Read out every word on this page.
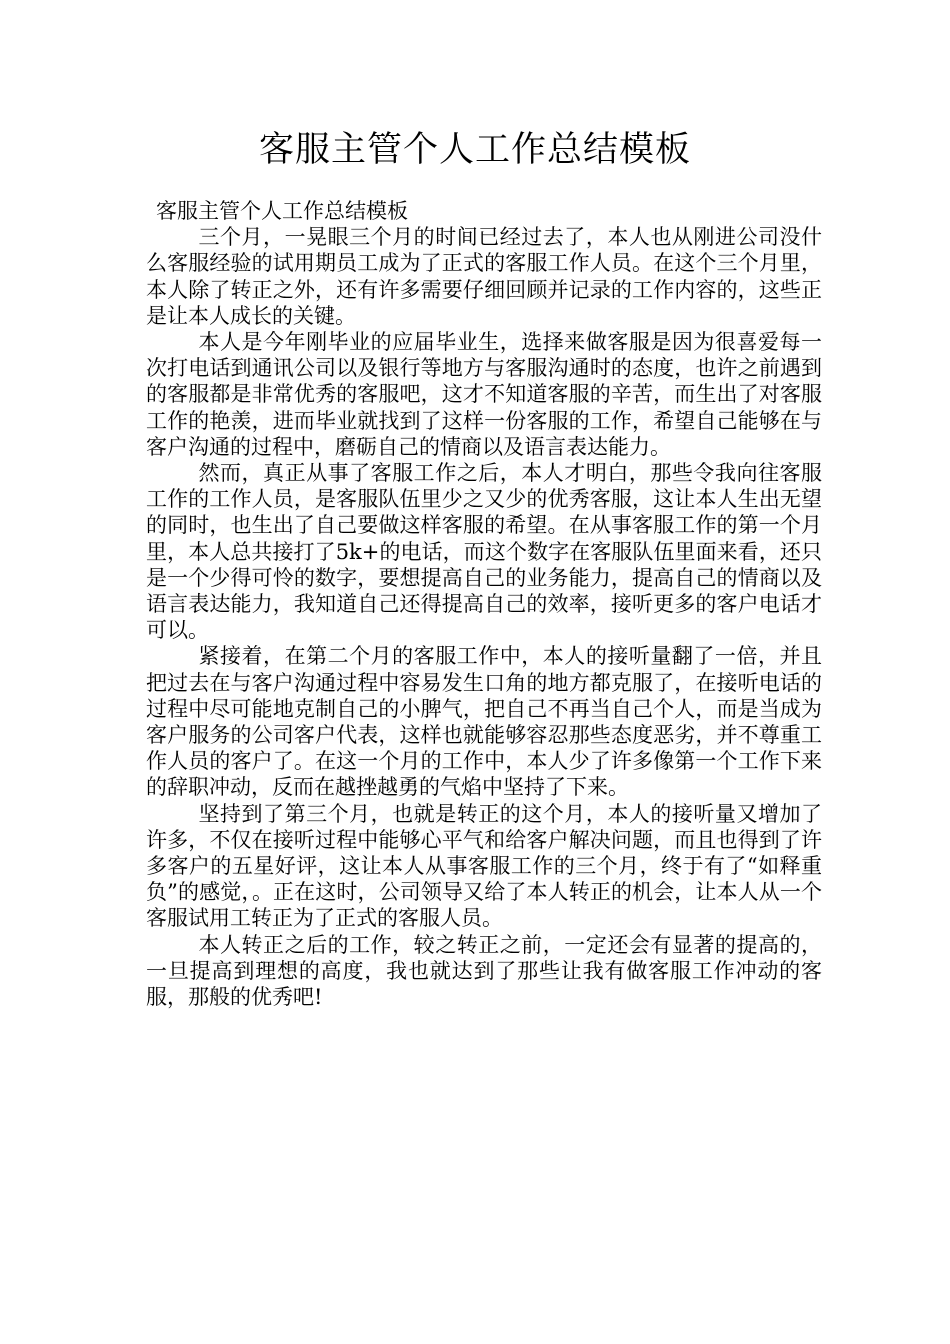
客服主管个人工作总结模板

客服主管个人工作总结模板

三个月，一晃眼三个月的时间已经过去了，本人也从刚进公司没什么客服经验的试用期员工成为了正式的客服工作人员。在这个三个月里，本人除了转正之外，还有许多需要仔细回顾并记录的工作内容的，这些正是让本人成长的关键。

本人是今年刚毕业的应届毕业生，选择来做客服是因为很喜爱每一次打电话到通讯公司以及银行等地方与客服沟通时的态度，也许之前遇到的客服都是非常优秀的客服吧，这才不知道客服的辛苦，而生出了对客服工作的艳羡，进而毕业就找到了这样一份客服的工作，希望自己能够在与客户沟通的过程中，磨砺自己的情商以及语言表达能力。

然而，真正从事了客服工作之后，本人才明白，那些令我向往客服工作的工作人员，是客服队伍里少之又少的优秀客服，这让本人生出无望的同时，也生出了自己要做这样客服的希望。在从事客服工作的第一个月里，本人总共接打了5k+的电话，而这个数字在客服队伍里面来看，还只是一个少得可怜的数字，要想提高自己的业务能力，提高自己的情商以及语言表达能力，我知道自己还得提高自己的效率，接听更多的客户电话才可以。

紧接着，在第二个月的客服工作中，本人的接听量翻了一倍，并且把过去在与客户沟通过程中容易发生口角的地方都克服了，在接听电话的过程中尽可能地克制自己的小脾气，把自己不再当自己个人，而是当成为客户服务的公司客户代表，这样也就能够容忍那些态度恶劣，并不尊重工作人员的客户了。在这一个月的工作中，本人少了许多像第一个工作下来的辞职冲动，反而在越挫越勇的气焰中坚持了下来。

坚持到了第三个月，也就是转正的这个月，本人的接听量又增加了许多，不仅在接听过程中能够心平气和给客户解决问题，而且也得到了许多客户的五星好评，这让本人从事客服工作的三个月，终于有了“如释重负”的感觉，。正在这时，公司领导又给了本人转正的机会，让本人从一个客服试用工转正为了正式的客服人员。

本人转正之后的工作，较之转正之前，一定还会有显著的提高的，一旦提高到理想的高度，我也就达到了那些让我有做客服工作冲动的客服，那般的优秀吧!
